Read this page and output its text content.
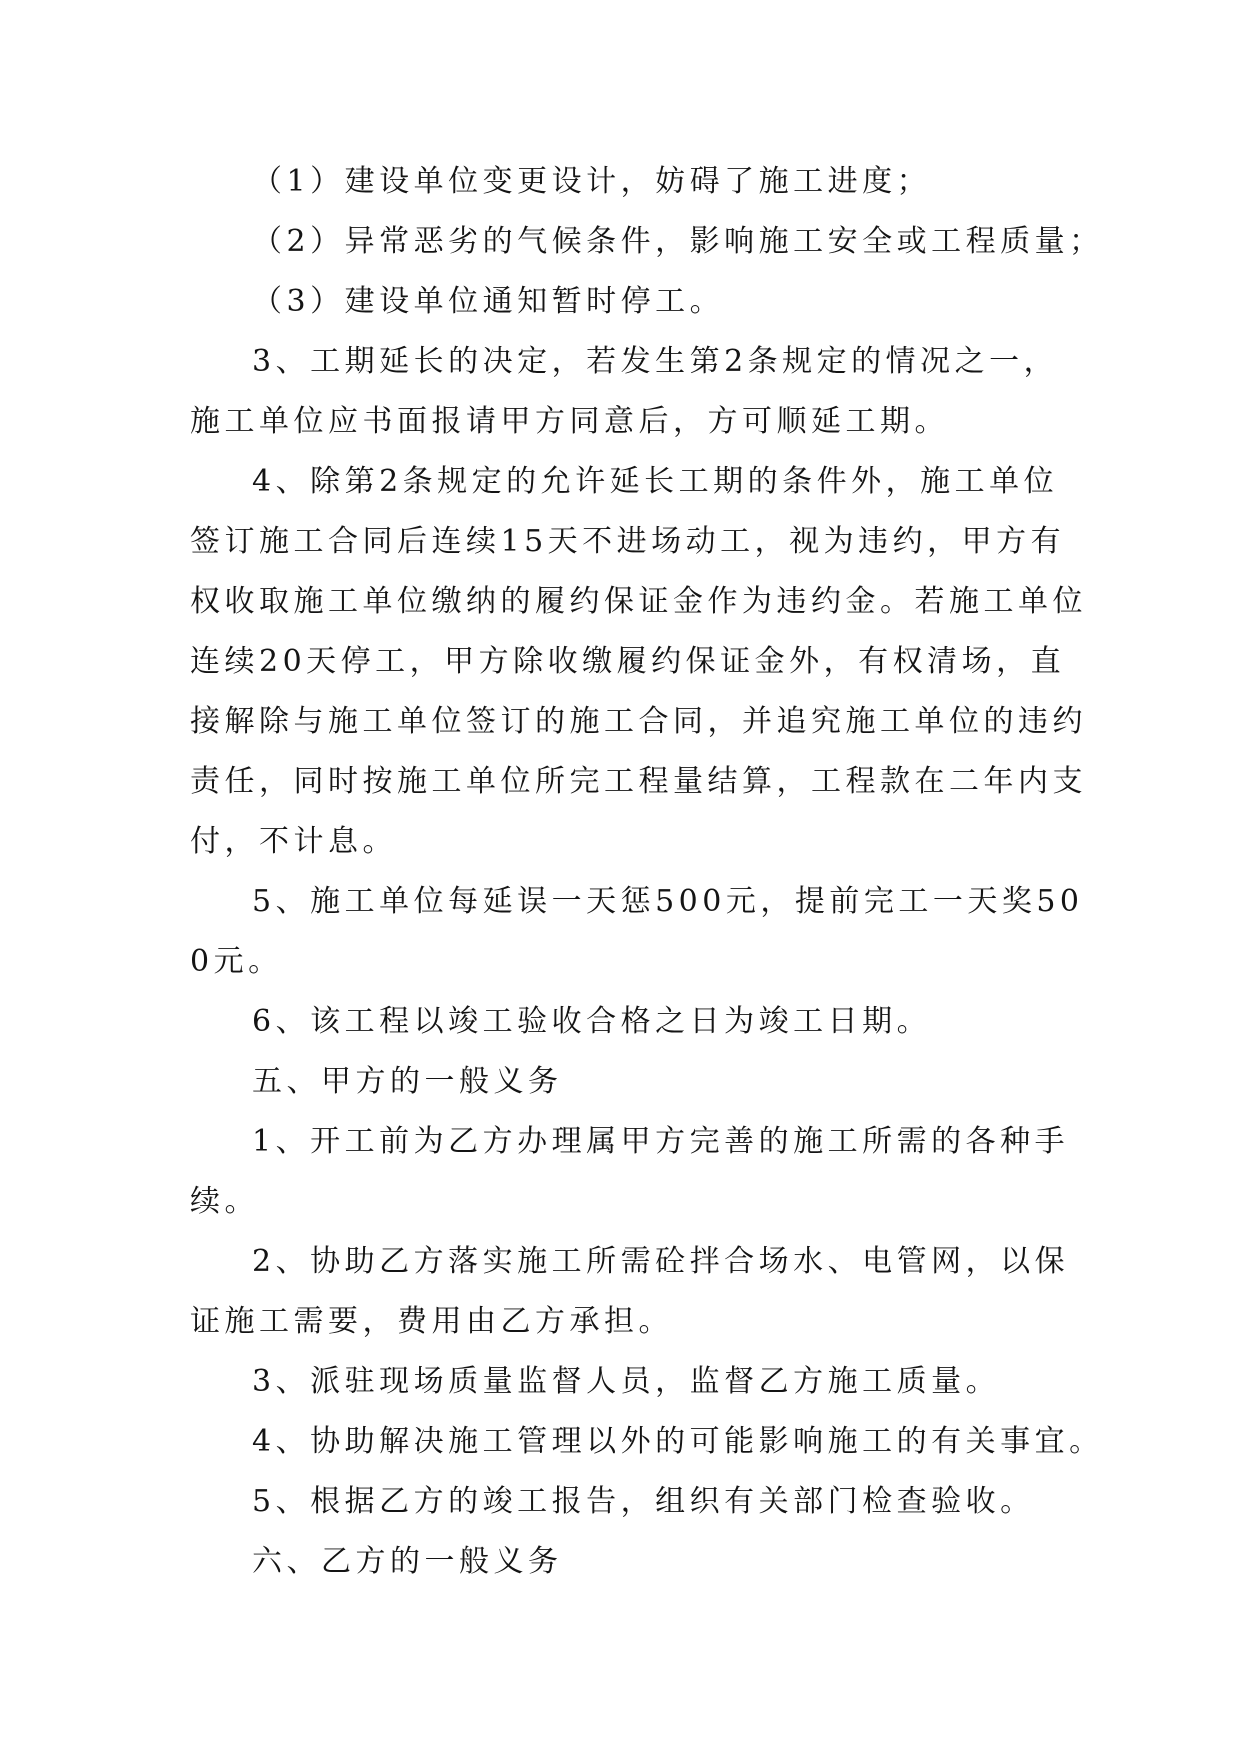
（1）建设单位变更设计，妨碍了施工进度；

（2）异常恶劣的气候条件，影响施工安全或工程质量；

（3）建设单位通知暂时停工。

3、工期延长的决定，若发生第2条规定的情况之一，施工单位应书面报请甲方同意后，方可顺延工期。

4、除第2条规定的允许延长工期的条件外，施工单位签订施工合同后连续15天不进场动工，视为违约，甲方有权收取施工单位缴纳的履约保证金作为违约金。若施工单位连续20天停工，甲方除收缴履约保证金外，有权清场，直接解除与施工单位签订的施工合同，并追究施工单位的违约责任，同时按施工单位所完工程量结算，工程款在二年内支付，不计息。

5、施工单位每延误一天惩500元，提前完工一天奖500元。

6、该工程以竣工验收合格之日为竣工日期。

五、甲方的一般义务

1、开工前为乙方办理属甲方完善的施工所需的各种手续。

2、协助乙方落实施工所需砼拌合场水、电管网，以保证施工需要，费用由乙方承担。

3、派驻现场质量监督人员，监督乙方施工质量。

4、协助解决施工管理以外的可能影响施工的有关事宜。

5、根据乙方的竣工报告，组织有关部门检查验收。

六、乙方的一般义务
